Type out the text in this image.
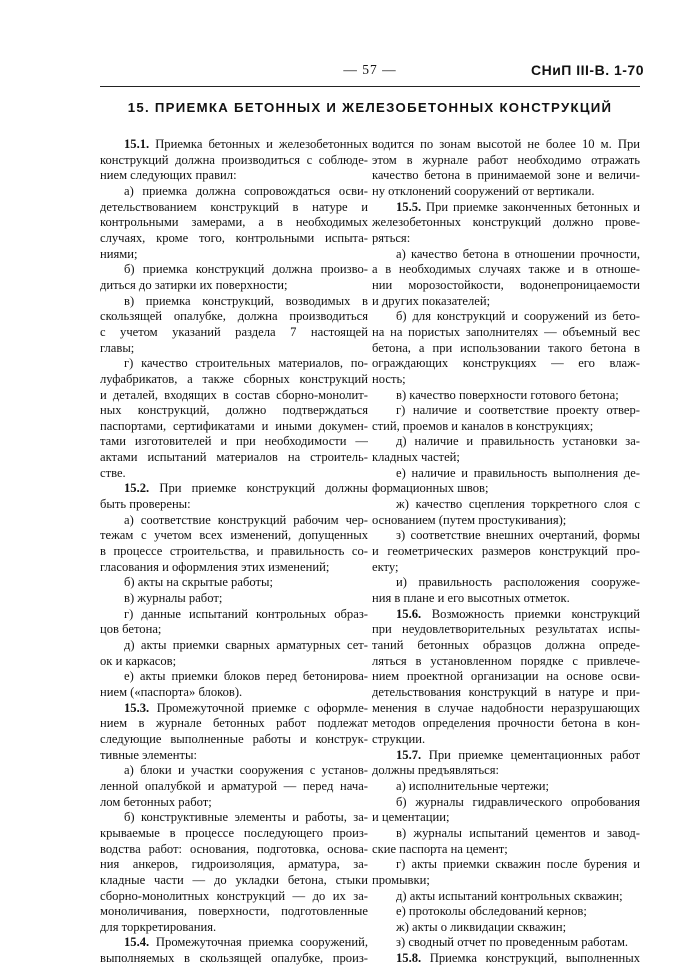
— 57 —	СНиП III-В. 1-70
15. ПРИЕМКА БЕТОННЫХ И ЖЕЛЕЗОБЕТОННЫХ КОНСТРУКЦИЙ
15.1. Приемка бетонных и железобетонных
конструкций должна производиться с соблюде-
нием следующих правил:
а) приемка должна сопровождаться осви-
детельствованием конструкций в натуре и
контрольными замерами, а в необходимых
случаях, кроме того, контрольными испыта-
ниями;
б) приемка конструкций должна произво-
диться до затирки их поверхности;
в) приемка конструкций, возводимых в
скользящей опалубке, должна производиться
с учетом указаний раздела 7 настоящей
главы;
г) качество строительных материалов, по-
луфабрикатов, а также сборных конструкций
и деталей, входящих в состав сборно-монолит-
ных конструкций, должно подтверждаться
паспортами, сертификатами и иными докумен-
тами изготовителей и при необходимости —
актами испытаний материалов на строитель-
стве.
15.2. При приемке конструкций должны
быть проверены:
а) соответствие конструкций рабочим чер-
тежам с учетом всех изменений, допущенных
в процессе строительства, и правильность со-
гласования и оформления этих изменений;
б) акты на скрытые работы;
в) журналы работ;
г) данные испытаний контрольных образ-
цов бетона;
д) акты приемки сварных арматурных сет-
ок и каркасов;
е) акты приемки блоков перед бетонирова-
нием («паспорта» блоков).
15.3. Промежуточной приемке с оформле-
нием в журнале бетонных работ подлежат
следующие выполненные работы и конструк-
тивные элементы:
а) блоки и участки сооружения с установ-
ленной опалубкой и арматурой — перед нача-
лом бетонных работ;
б) конструктивные элементы и работы, за-
крываемые в процессе последующего произ-
водства работ: основания, подготовка, основа-
ния анкеров, гидроизоляция, арматура, за-
кладные части — до укладки бетона, стыки
сборно-монолитных конструкций — до их за-
моноличивания, поверхности, подготовленные
для торкретирования.
15.4. Промежуточная приемка сооружений,
выполняемых в скользящей опалубке, произ-
водится по зонам высотой не более 10 м. При
этом в журнале работ необходимо отражать
качество бетона в принимаемой зоне и величи-
ну отклонений сооружений от вертикали.
15.5. При приемке законченных бетонных и
железобетонных конструкций должно прове-
ряться:
а) качество бетона в отношении прочности,
а в необходимых случаях также и в отноше-
нии морозостойкости, водонепроницаемости
и других показателей;
б) для конструкций и сооружений из бето-
на на пористых заполнителях — объемный вес
бетона, а при использовании такого бетона в
ограждающих конструкциях — его влаж-
ность;
в) качество поверхности готового бетона;
г) наличие и соответствие проекту отвер-
стий, проемов и каналов в конструкциях;
д) наличие и правильность установки за-
кладных частей;
е) наличие и правильность выполнения де-
формационных швов;
ж) качество сцепления торкретного слоя с
основанием (путем простукивания);
з) соответствие внешних очертаний, формы
и геометрических размеров конструкций про-
екту;
и) правильность расположения сооруже-
ния в плане и его высотных отметок.
15.6. Возможность приемки конструкций
при неудовлетворительных результатах испы-
таний бетонных образцов должна опреде-
ляться в установленном порядке с привлече-
нием проектной организации на основе осви-
детельствования конструкций в натуре и при-
менения в случае надобности неразрушающих
методов определения прочности бетона в кон-
струкции.
15.7. При приемке цементационных работ
должны предъявляться:
а) исполнительные чертежи;
б) журналы гидравлического опробования
и цементации;
в) журналы испытаний цементов и завод-
ские паспорта на цемент;
г) акты приемки скважин после бурения и
промывки;
д) акты испытаний контрольных скважин;
е) протоколы обследований кернов;
ж) акты о ликвидации скважин;
з) сводный отчет по проведенным работам.
15.8. Приемка конструкций, выполненных
